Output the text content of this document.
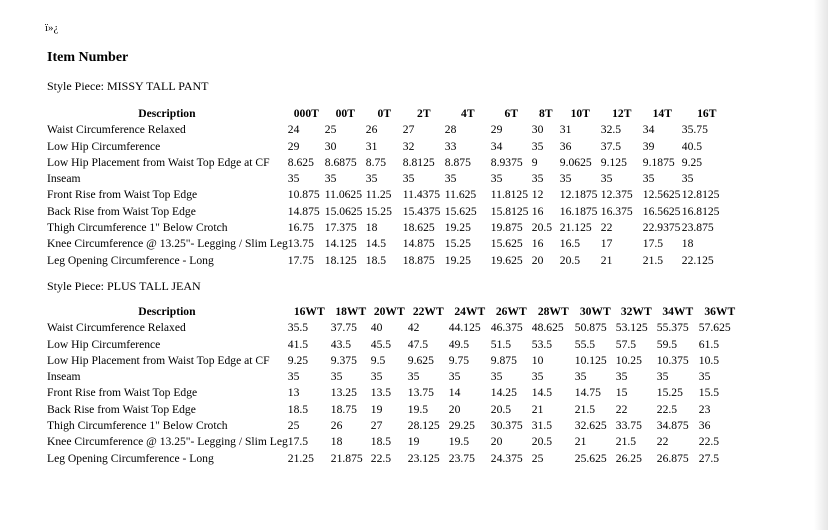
ï»¿
Item Number
Style Piece: MISSY TALL PANT
Description	000T	00T	0T	2T	4T	6T	8T	10T	12T	14T	16T
Waist Circumference Relaxed	24	25	26	27	28	29	30	31	32.5	34	35.75
Low Hip Circumference	29	30	31	32	33	34	35	36	37.5	39	40.5
Low Hip Placement from Waist Top Edge at CF	8.625	8.6875	8.75	8.8125	8.875	8.9375	9	9.0625	9.125	9.1875	9.25
Inseam	35	35	35	35	35	35	35	35	35	35	35
Front Rise from Waist Top Edge	10.875	11.0625	11.25	11.4375	11.625	11.8125	12	12.1875	12.375	12.5625	12.8125
Back Rise from Waist Top Edge	14.875	15.0625	15.25	15.4375	15.625	15.8125	16	16.1875	16.375	16.5625	16.8125
Thigh Circumference 1" Below Crotch	16.75	17.375	18	18.625	19.25	19.875	20.5	21.125	22	22.9375	23.875
Knee Circumference @ 13.25"- Legging / Slim Leg	13.75	14.125	14.5	14.875	15.25	15.625	16	16.5	17	17.5	18
Leg Opening Circumference - Long	17.75	18.125	18.5	18.875	19.25	19.625	20	20.5	21	21.5	22.125
Style Piece: PLUS TALL JEAN
Description	16WT	18WT	20WT	22WT	24WT	26WT	28WT	30WT	32WT	34WT	36WT
Waist Circumference Relaxed	35.5	37.75	40	42	44.125	46.375	48.625	50.875	53.125	55.375	57.625
Low Hip Circumference	41.5	43.5	45.5	47.5	49.5	51.5	53.5	55.5	57.5	59.5	61.5
Low Hip Placement from Waist Top Edge at CF	9.25	9.375	9.5	9.625	9.75	9.875	10	10.125	10.25	10.375	10.5
Inseam	35	35	35	35	35	35	35	35	35	35	35
Front Rise from Waist Top Edge	13	13.25	13.5	13.75	14	14.25	14.5	14.75	15	15.25	15.5
Back Rise from Waist Top Edge	18.5	18.75	19	19.5	20	20.5	21	21.5	22	22.5	23
Thigh Circumference 1" Below Crotch	25	26	27	28.125	29.25	30.375	31.5	32.625	33.75	34.875	36
Knee Circumference @ 13.25"- Legging / Slim Leg	17.5	18	18.5	19	19.5	20	20.5	21	21.5	22	22.5
Leg Opening Circumference - Long	21.25	21.875	22.5	23.125	23.75	24.375	25	25.625	26.25	26.875	27.5
